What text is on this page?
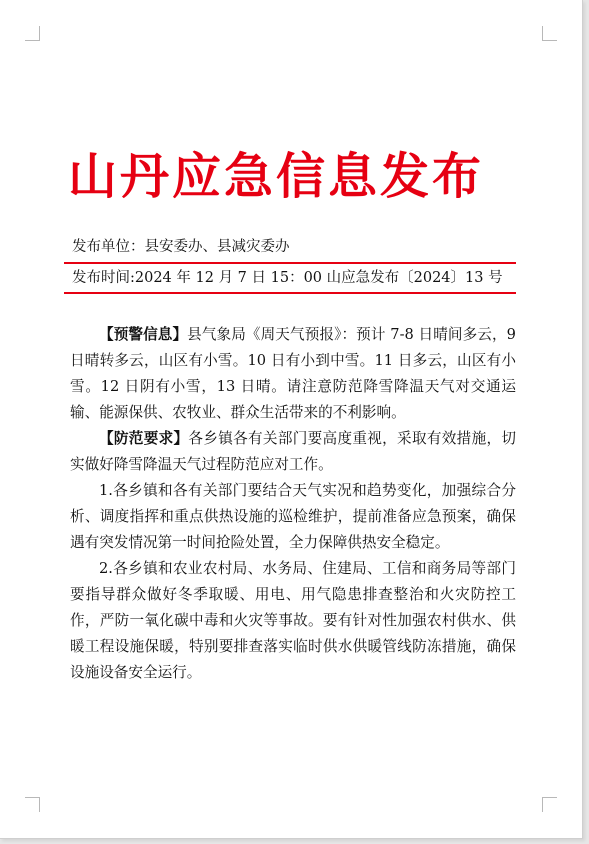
山丹应急信息发布
发布单位：县安委办、县减灾委办
发布时间:2024 年 12 月 7 日 15：00 山应急发布〔2024〕13 号

【预警信息】县气象局《周天气预报》：预计 7-8 日晴间多云，9 日晴转多云，山区有小雪。10 日有小到中雪。11 日多云，山区有小雪。12 日阴有小雪，13 日晴。请注意防范降雪降温天气对交通运输、能源保供、农牧业、群众生活带来的不利影响。

【防范要求】各乡镇各有关部门要高度重视，采取有效措施，切实做好降雪降温天气过程防范应对工作。

1.各乡镇和各有关部门要结合天气实况和趋势变化，加强综合分析、调度指挥和重点供热设施的巡检维护，提前准备应急预案，确保遇有突发情况第一时间抢险处置，全力保障供热安全稳定。

2.各乡镇和农业农村局、水务局、住建局、工信和商务局等部门要指导群众做好冬季取暖、用电、用气隐患排查整治和火灾防控工作，严防一氧化碳中毒和火灾等事故。要有针对性加强农村供水、供暖工程设施保暖，特别要排查落实临时供水供暖管线防冻措施，确保设施设备安全运行。
